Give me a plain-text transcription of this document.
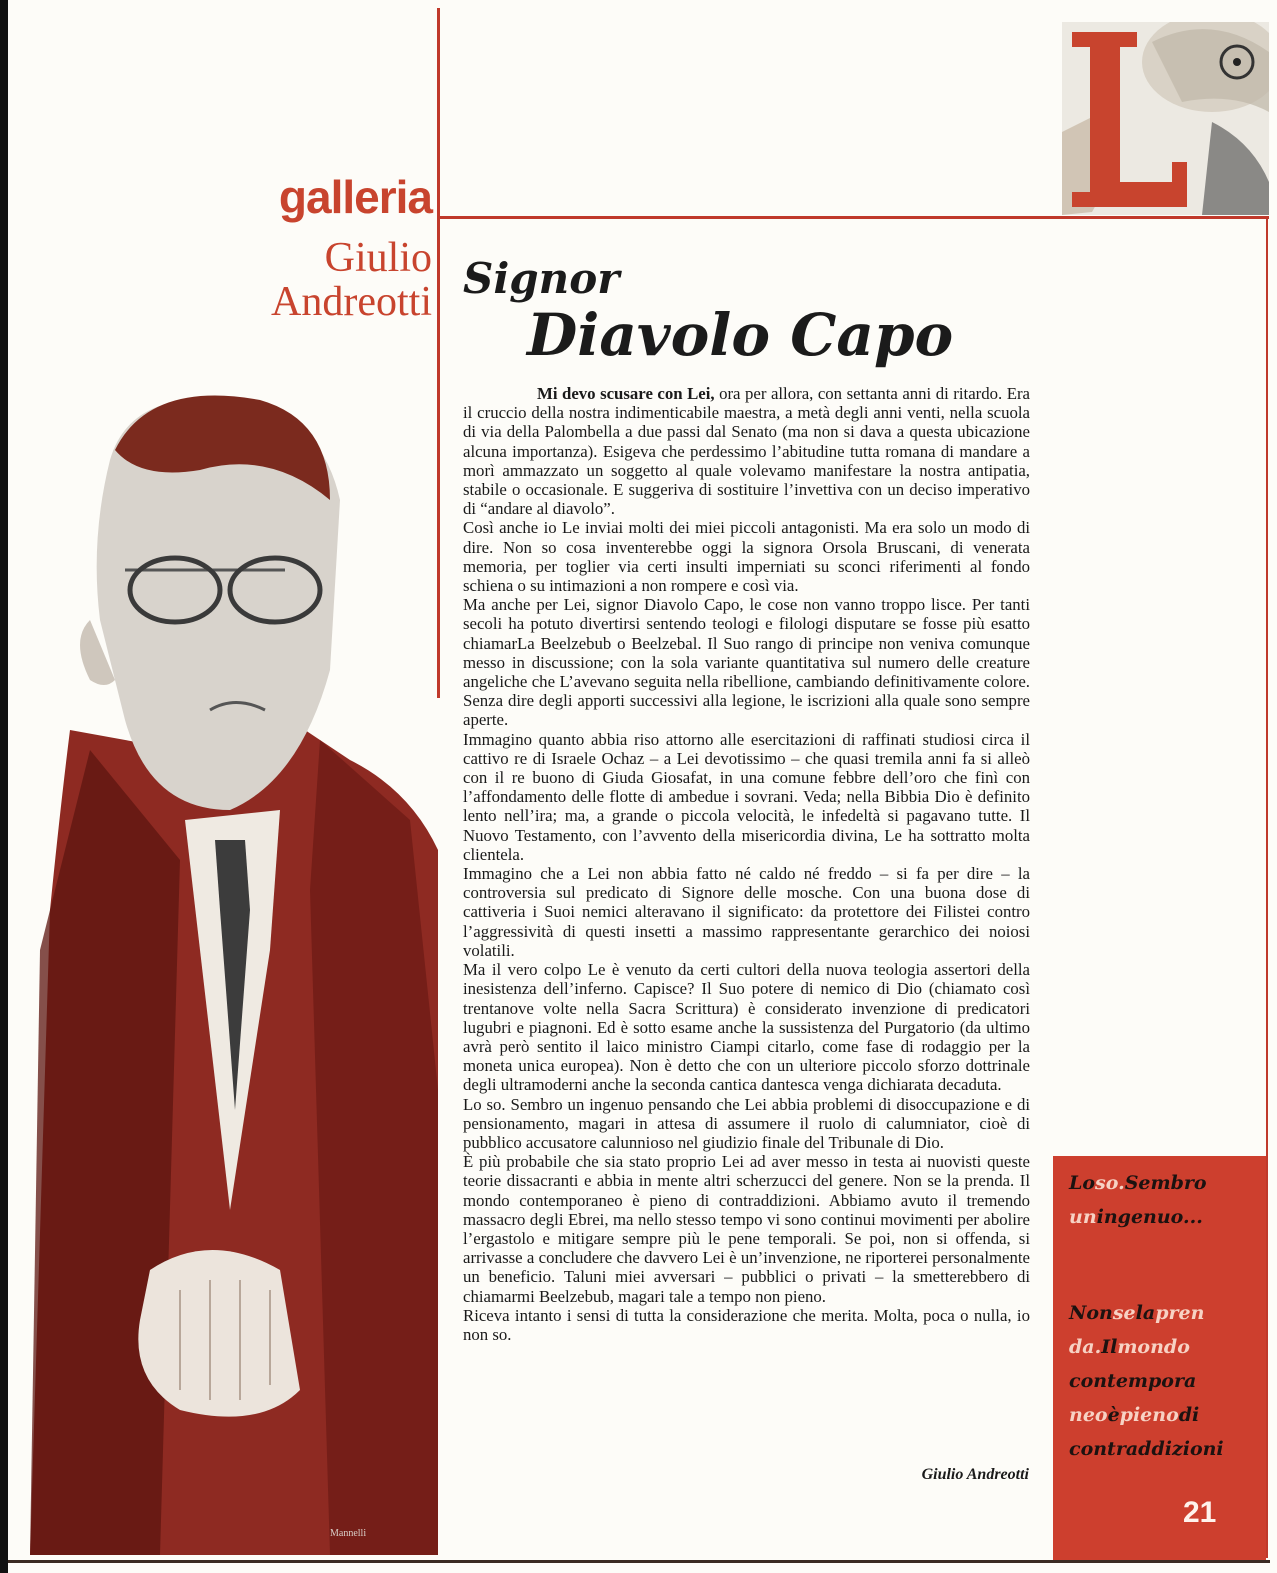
galleria
Giulio
Andreotti Signor
Diavolo Capo

Mi devo scusare con Lei, ora per allora, con settanta anni di ritardo. Era il cruccio della nostra indimenticabile maestra, a metà degli anni venti, nella scuola di via della Palombella a due passi dal Senato (ma non si dava a questa ubicazione alcuna importanza). Esigeva che perdessimo l’abitudine tutta romana di mandare a morì ammazzato un soggetto al quale volevamo manifestare la nostra antipatia, stabile o occasionale. E suggeriva di sostituire l’invettiva con un deciso imperativo di “andare al diavolo”.

Così anche io Le inviai molti dei miei piccoli antagonisti. Ma era solo un modo di dire. Non so cosa inventerebbe oggi la signora Orsola Bruscani, di venerata memoria, per toglier via certi insulti imperniati su sconci riferimenti al fondo schiena o su intimazioni a non rompere e così via.

Ma anche per Lei, signor Diavolo Capo, le cose non vanno troppo lisce. Per tanti secoli ha potuto divertirsi sentendo teologi e filologi disputare se fosse più esatto chiamarLa Beelzebub o Beelzebal. Il Suo rango di principe non veniva comunque messo in discussione; con la sola variante quantitativa sul numero delle creature angeliche che L’avevano seguita nella ribellione, cambiando definitivamente colore. Senza dire degli apporti successivi alla legione, le iscrizioni alla quale sono sempre aperte.

Immagino quanto abbia riso attorno alle esercitazioni di raffinati studiosi circa il cattivo re di Israele Ochaz – a Lei devotissimo – che quasi tremila anni fa si alleò con il re buono di Giuda Giosafat, in una comune febbre dell’oro che finì con l’affondamento delle flotte di ambedue i sovrani. Veda; nella Bibbia Dio è definito lento nell’ira; ma, a grande o piccola velocità, le infedeltà si pagavano tutte. Il Nuovo Testamento, con l’avvento della misericordia divina, Le ha sottratto molta clientela.

Immagino che a Lei non abbia fatto né caldo né freddo – si fa per dire – la controversia sul predicato di Signore delle mosche. Con una buona dose di cattiveria i Suoi nemici alteravano il significato: da protettore dei Filistei contro l’aggressività di questi insetti a massimo rappresentante gerarchico dei noiosi volatili.

Ma il vero colpo Le è venuto da certi cultori della nuova teologia assertori della inesistenza dell’inferno. Capisce? Il Suo potere di nemico di Dio (chiamato così trentanove volte nella Sacra Scrittura) è considerato invenzione di predicatori lugubri e piagnoni. Ed è sotto esame anche la sussistenza del Purgatorio (da ultimo avrà però sentito il laico ministro Ciampi citarlo, come fase di rodaggio per la moneta unica europea). Non è detto che con un ulteriore piccolo sforzo dottrinale degli ultramoderni anche la seconda cantica dantesca venga dichiarata decaduta.

Lo so. Sembro un ingenuo pensando che Lei abbia problemi di disoccupazione e di pensionamento, magari in attesa di assumere il ruolo di calumniator, cioè di pubblico accusatore calunnioso nel giudizio finale del Tribunale di Dio.

È più probabile che sia stato proprio Lei ad aver messo in testa ai nuovisti queste teorie dissacranti e abbia in mente altri scherzucci del genere. Non se la prenda. Il mondo contemporaneo è pieno di contraddizioni. Abbiamo avuto il tremendo massacro degli Ebrei, ma nello stesso tempo vi sono continui movimenti per abolire l’ergastolo e mitigare sempre più le pene temporali. Se poi, non si offenda, si arrivasse a concludere che davvero Lei è un’invenzione, ne riporterei personalmente un beneficio. Taluni miei avversari – pubblici o privati – la smetterebbero di chiamarmi Beelzebub, magari tale a tempo non pieno.

Riceva intanto i sensi di tutta la considerazione che merita. Molta, poca o nulla, io non so.

Giulio Andreotti
Mannelli
Loso.Sembro
uningenuo...
Nonselapren
da.Ilmondo
contempora
neoèpienodi
contraddizioni
21
